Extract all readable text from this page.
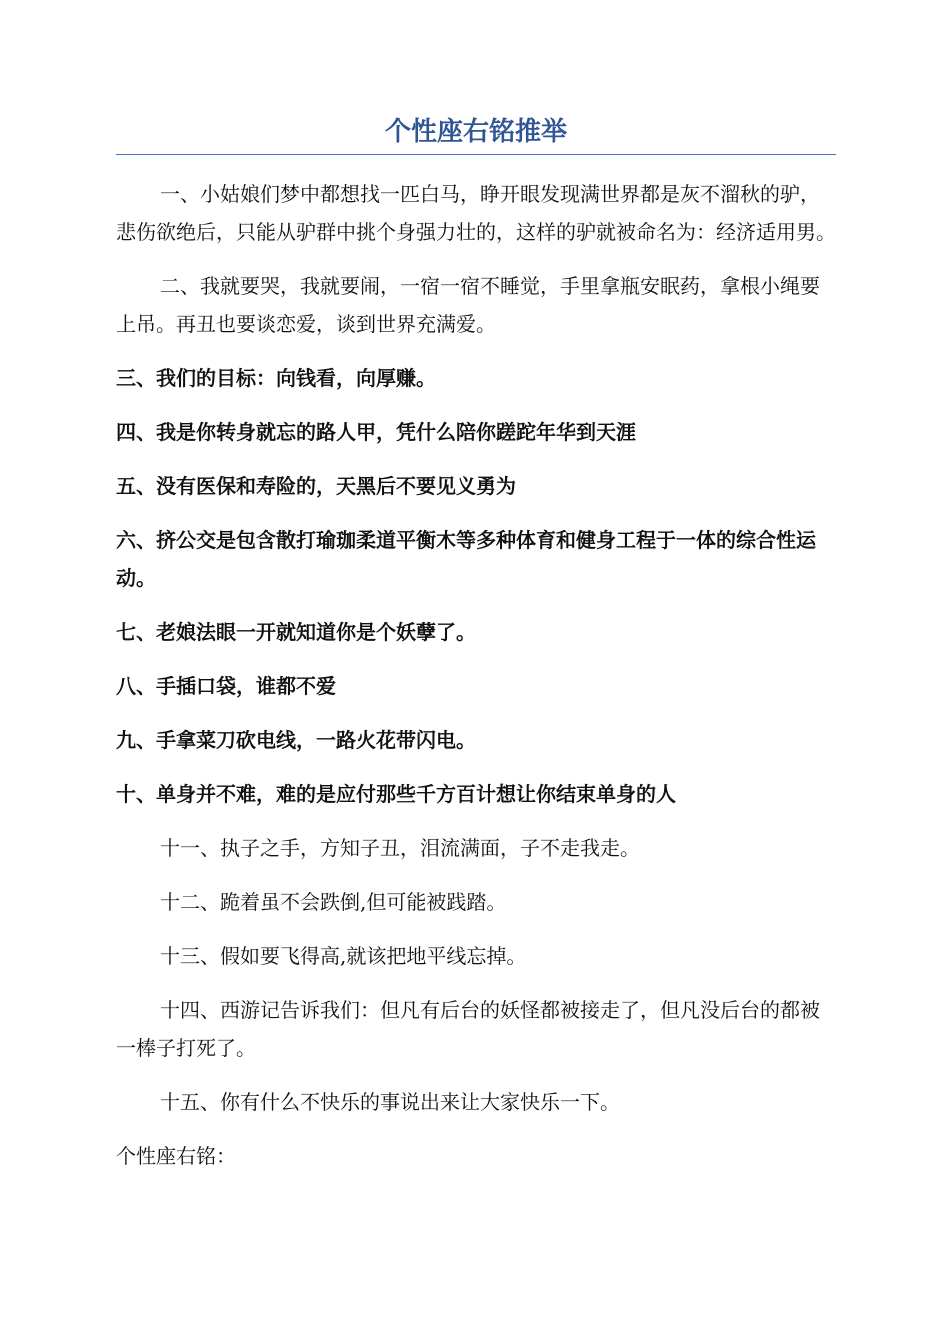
个性座右铭推举

一、小姑娘们梦中都想找一匹白马，睁开眼发现满世界都是灰不溜秋的驴，悲伤欲绝后，只能从驴群中挑个身强力壮的，这样的驴就被命名为：经济适用男。

二、我就要哭，我就要闹，一宿一宿不睡觉，手里拿瓶安眠药，拿根小绳要上吊。再丑也要谈恋爱，谈到世界充满爱。

三、我们的目标：向钱看，向厚赚。

四、我是你转身就忘的路人甲，凭什么陪你蹉跎年华到天涯

五、没有医保和寿险的，天黑后不要见义勇为

六、挤公交是包含散打瑜珈柔道平衡木等多种体育和健身工程于一体的综合性运动。

七、老娘法眼一开就知道你是个妖孽了。

八、手插口袋，谁都不爱

九、手拿菜刀砍电线，一路火花带闪电。

十、单身并不难，难的是应付那些千方百计想让你结束单身的人

十一、执子之手，方知子丑，泪流满面，子不走我走。

十二、跪着虽不会跌倒,但可能被践踏。

十三、假如要飞得高,就该把地平线忘掉。

十四、西游记告诉我们：但凡有后台的妖怪都被接走了，但凡没后台的都被一棒子打死了。

十五、你有什么不快乐的事说出来让大家快乐一下。

个性座右铭：
